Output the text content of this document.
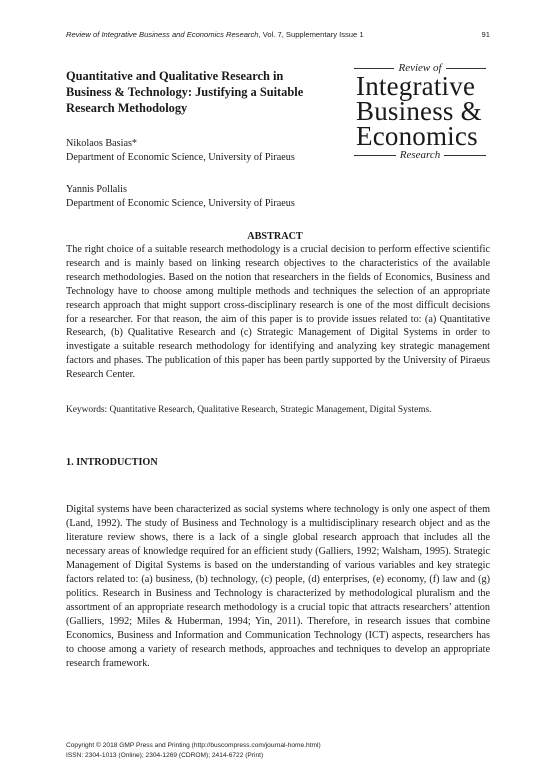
Review of Integrative Business and Economics Research, Vol. 7, Supplementary Issue 1	91
Quantitative and Qualitative Research in Business & Technology: Justifying a Suitable Research Methodology
Nikolaos Basias*
Department of Economic Science, University of Piraeus
Yannis Pollalis
Department of Economic Science, University of Piraeus
Review of
Integrative
Business &
Economics
Research
ABSTRACT

The right choice of a suitable research methodology is a crucial decision to perform effective scientific research and is mainly based on linking research objectives to the characteristics of the available research methodologies. Based on the notion that researchers in the fields of Economics, Business and Technology have to choose among multiple methods and techniques the selection of an appropriate research approach that might support cross-disciplinary research is one of the most difficult decisions for a researcher. For that reason, the aim of this paper is to provide issues related to: (a) Quantitative Research, (b) Qualitative Research and (c) Strategic Management of Digital Systems in order to investigate a suitable research methodology for identifying and analyzing key strategic management factors and phases. The publication of this paper has been partly supported by the University of Piraeus Research Center.

Keywords: Quantitative Research, Qualitative Research, Strategic Management, Digital Systems.

1. INTRODUCTION

Digital systems have been characterized as social systems where technology is only one aspect of them (Land, 1992). The study of Business and Technology is a multidisciplinary research object and as the literature review shows, there is a lack of a single global research approach that includes all the necessary areas of knowledge required for an efficient study (Galliers, 1992; Walsham, 1995). Strategic Management of Digital Systems is based on the understanding of various variables and key strategic factors related to: (a) business, (b) technology, (c) people, (d) enterprises, (e) economy, (f) law and (g) politics. Research in Business and Technology is characterized by methodological pluralism and the assortment of an appropriate research methodology is a crucial topic that attracts researchers’ attention (Galliers, 1992; Miles & Huberman, 1994; Yin, 2011). Therefore, in research issues that combine Economics, Business and Information and Communication Technology (ICT) aspects, researchers has to choose among a variety of research methods, approaches and techniques to develop an appropriate research framework.

Copyright © 2018 GMP Press and Printing (http://buscompress.com/journal-home.html)
ISSN: 2304-1013 (Online); 2304-1269 (CDROM); 2414-6722 (Print)
